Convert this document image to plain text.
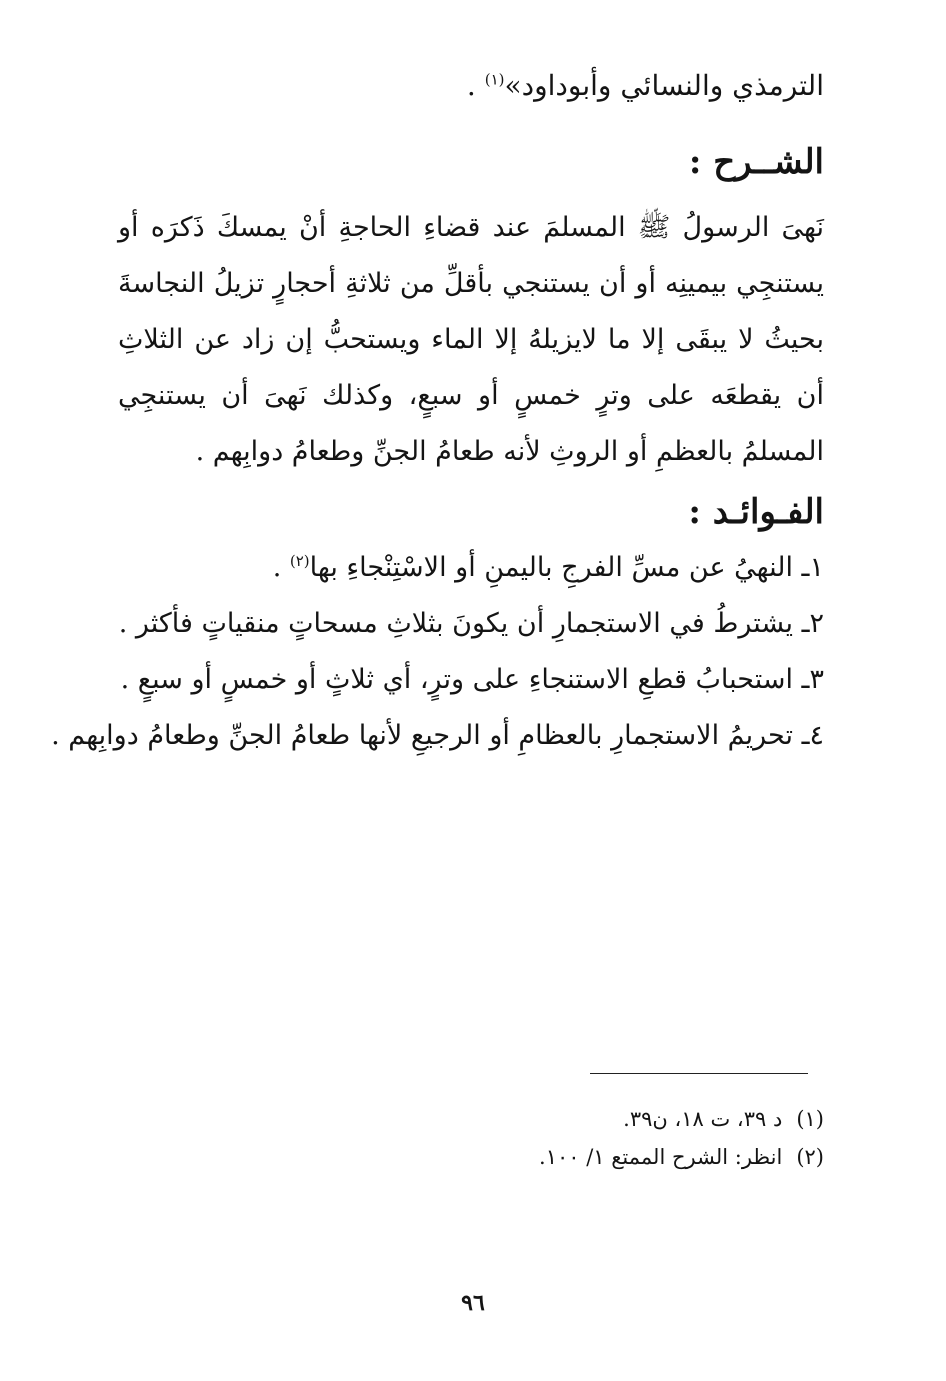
الترمذي والنسائي وأبوداود»$^{(١)}$ .
الشــرح :
نَهىَ الرسولُ ﷺ المسلمَ عند قضاءِ الحاجةِ أنْ يمسكَ ذَكرَه أو يستنجِي بيمينِه أو أن يستنجي بأقلِّ من ثلاثةِ أحجارٍ تزيلُ النجاسةَ بحيثُ لا يبقَى إلا ما لايزيلهُ إلا الماء ويستحبُّ إن زاد عن الثلاثِ أن يقطعَه على وترٍ خمسٍ أو سبعٍ، وكذلك نَهىَ أن يستنجِي المسلمُ بالعظمِ أو الروثِ لأنه طعامُ الجنِّ وطعامُ دوابِهم .
الفـوائـد :
١ـ النهيُ عن مسِّ الفرجِ باليمنِ أو الاسْتِنْجاءِ بها$^{(٢)}$ .
٢ـ يشترطُ في الاستجمارِ أن يكونَ بثلاثِ مسحاتٍ منقياتٍ فأكثر .
٣ـ استحبابُ قطعِ الاستنجاءِ على وترٍ، أي ثلاثٍ أو خمسٍ أو سبعٍ .
٤ـ تحريمُ الاستجمارِ بالعظامِ أو الرجيعِ لأنها طعامُ الجنِّ وطعامُ دوابِهم .
(١)د ٣٩، ت ١٨، ن٣٩.
(٢)انظر: الشرح الممتع ١/ ١٠٠.
٩٦
